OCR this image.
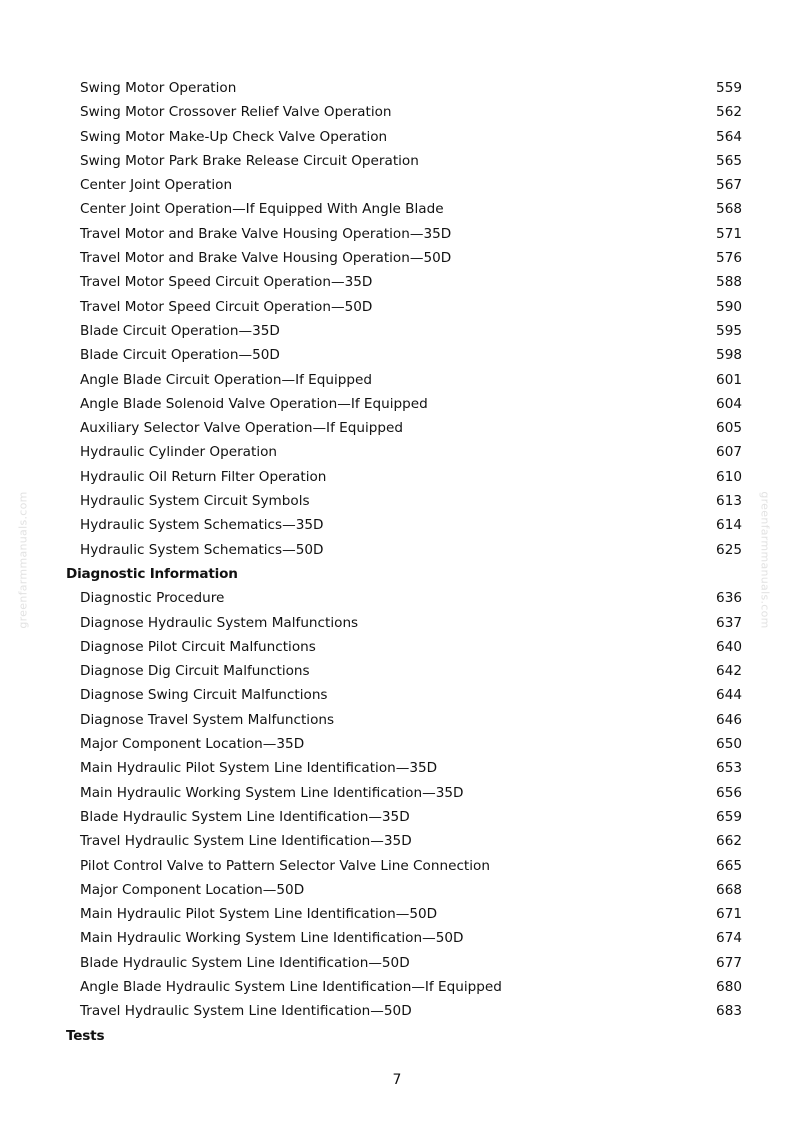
greenfarmmanuals.com	greenfarmmanuals.com
Swing Motor Operation	559
Swing Motor Crossover Relief Valve Operation	562
Swing Motor Make-Up Check Valve Operation	564
Swing Motor Park Brake Release Circuit Operation	565
Center Joint Operation	567
Center Joint Operation—If Equipped With Angle Blade	568
Travel Motor and Brake Valve Housing Operation—35D	571
Travel Motor and Brake Valve Housing Operation—50D	576
Travel Motor Speed Circuit Operation—35D	588
Travel Motor Speed Circuit Operation—50D	590
Blade Circuit Operation—35D	595
Blade Circuit Operation—50D	598
Angle Blade Circuit Operation—If Equipped	601
Angle Blade Solenoid Valve Operation—If Equipped	604
Auxiliary Selector Valve Operation—If Equipped	605
Hydraulic Cylinder Operation	607
Hydraulic Oil Return Filter Operation	610
Hydraulic System Circuit Symbols	613
Hydraulic System Schematics—35D	614
Hydraulic System Schematics—50D	625
Diagnostic Information
Diagnostic Procedure	636
Diagnose Hydraulic System Malfunctions	637
Diagnose Pilot Circuit Malfunctions	640
Diagnose Dig Circuit Malfunctions	642
Diagnose Swing Circuit Malfunctions	644
Diagnose Travel System Malfunctions	646
Major Component Location—35D	650
Main Hydraulic Pilot System Line Identification—35D	653
Main Hydraulic Working System Line Identification—35D	656
Blade Hydraulic System Line Identification—35D	659
Travel Hydraulic System Line Identification—35D	662
Pilot Control Valve to Pattern Selector Valve Line Connection	665
Major Component Location—50D	668
Main Hydraulic Pilot System Line Identification—50D	671
Main Hydraulic Working System Line Identification—50D	674
Blade Hydraulic System Line Identification—50D	677
Angle Blade Hydraulic System Line Identification—If Equipped	680
Travel Hydraulic System Line Identification—50D	683
Tests
7
